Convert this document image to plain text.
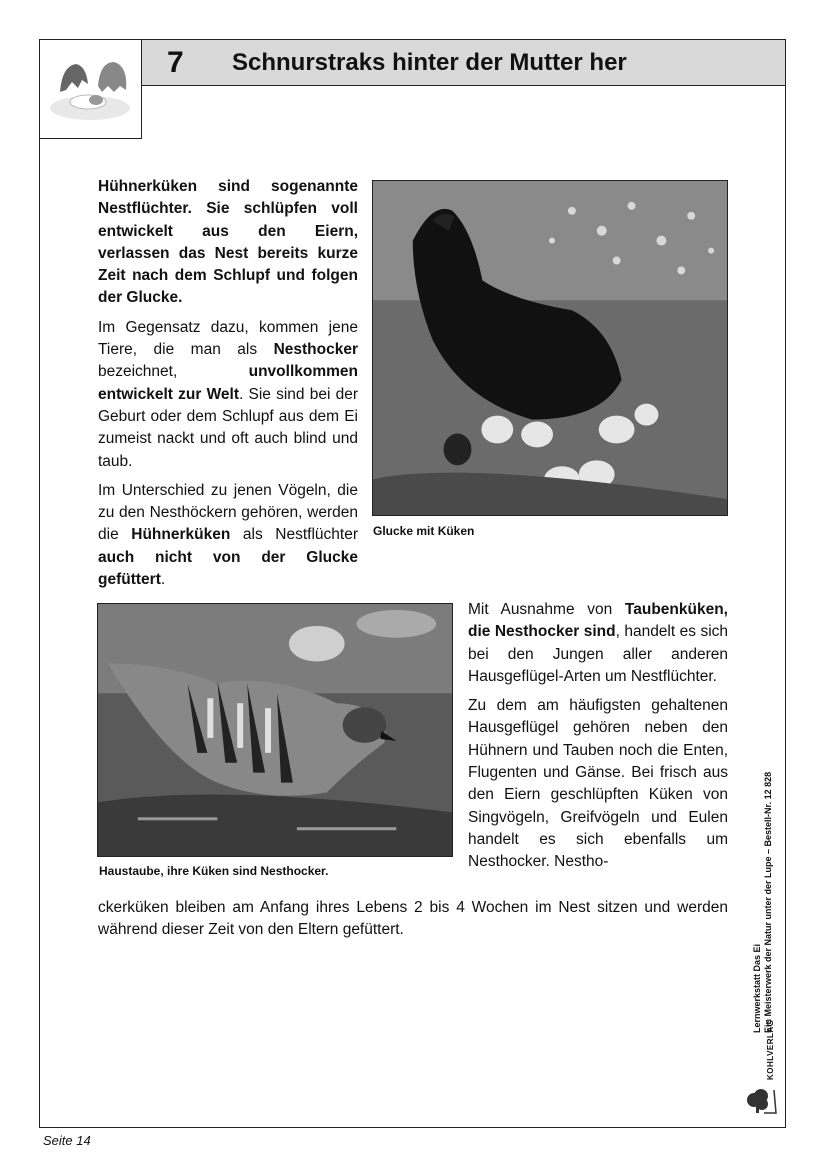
7 Schnurstraks hinter der Mutter her

Hühnerküken sind sogenannte Nestflüchter. Sie schlüpfen voll entwickelt aus den Eiern, verlassen das Nest bereits kurze Zeit nach dem Schlupf und folgen der Glucke.

Im Gegensatz dazu, kommen jene Tiere, die man als Nesthocker bezeichnet, unvollkommen entwickelt zur Welt. Sie sind bei der Geburt oder dem Schlupf aus dem Ei zumeist nackt und oft auch blind und taub.

Im Unterschied zu jenen Vögeln, die zu den Nesthöckern gehören, werden die Hühnerküken als Nestflüchter auch nicht von der Glucke gefüttert.

Glucke mit Küken
Haustaube, ihre Küken sind Nesthocker.

Mit Ausnahme von Taubenküken, die Nesthocker sind, handelt es sich bei den Jungen aller anderen Hausgeflügel-Arten um Nestflüchter.

Zu dem am häufigsten gehaltenen Hausgeflügel gehören neben den Hühnern und Tauben noch die Enten, Flugenten und Gänse. Bei frisch aus den Eiern geschlüpften Küken von Singvögeln, Greifvögeln und Eulen handelt es sich ebenfalls um Nesthocker. Nestho-

ckerküken bleiben am Anfang ihres Lebens 2 bis 4 Wochen im Nest sitzen und werden während dieser Zeit von den Eltern gefüttert.

Lernwerkstatt Das Ei Ein Meisterwerk der Natur unter der Lupe – Bestell-Nr. 12 828
KOHLVERLAG
Seite 14
